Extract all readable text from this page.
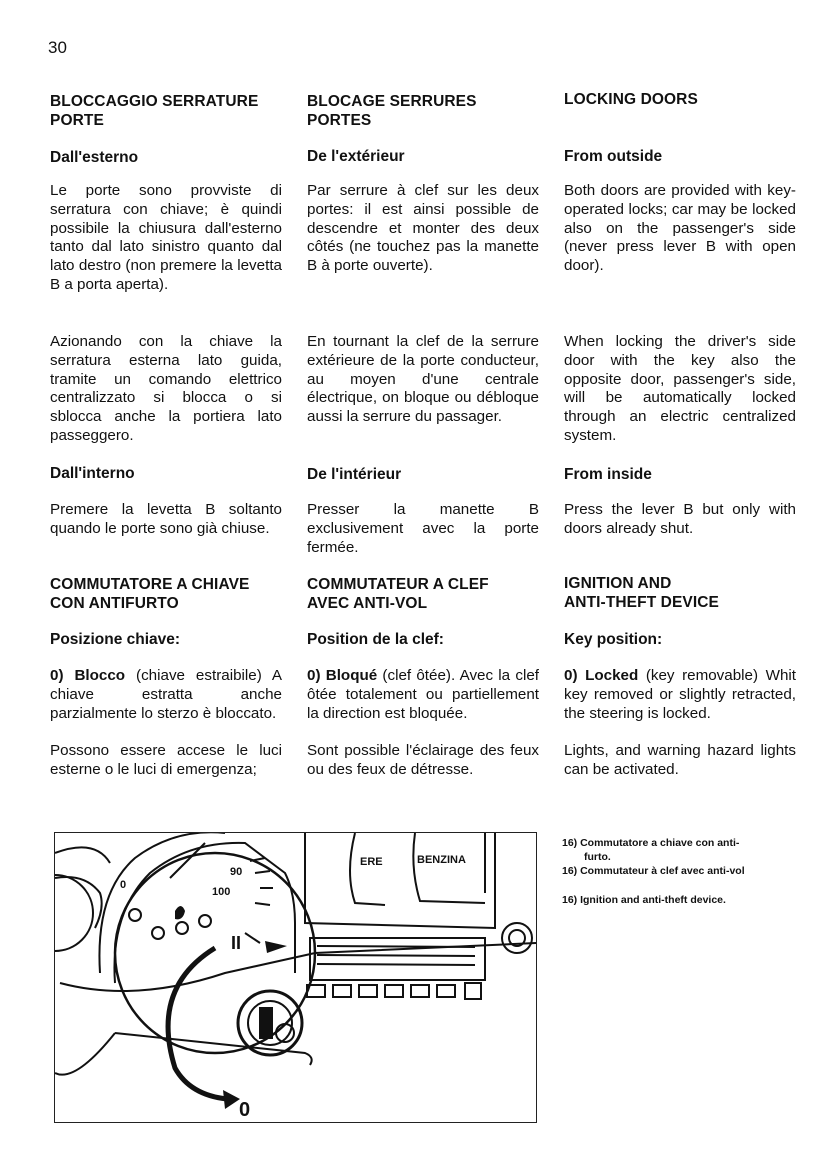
30
BLOCCAGGIO SERRATURE
PORTE
Dall'esterno
Le porte sono provviste di serratura con chiave; è quindi possibile la chiusura dall'esterno tanto dal lato sinistro quanto dal lato destro (non premere la levetta B a porta aperta).
Azionando con la chiave la serratura esterna lato guida, tramite un comando elettrico centralizzato si blocca o si sblocca anche la portiera lato passeggero.
Dall'interno
Premere la levetta B soltanto quando le porte sono già chiuse.
COMMUTATORE A CHIAVE
CON ANTIFURTO
Posizione chiave:
0) Blocco (chiave estraibile) A chiave estratta anche parzialmente lo sterzo è bloccato.
Possono essere accese le luci esterne o le luci di emergenza;
BLOCAGE SERRURES
PORTES
De l'extérieur
Par serrure à clef sur les deux portes: il est ainsi possible de descendre et monter des deux côtés (ne touchez pas la manette B à porte ouverte).
En tournant la clef de la serrure extérieure de la porte conducteur, au moyen d'une centrale électrique, on bloque ou débloque aussi la serrure du passager.
De l'intérieur
Presser la manette B exclusivement avec la porte fermée.
COMMUTATEUR A CLEF
AVEC ANTI-VOL
Position de la clef:
0) Bloqué (clef ôtée). Avec la clef ôtée totalement ou partiellement la direction est bloquée.
Sont possible l'éclairage des feux ou des feux de détresse.
LOCKING DOORS
From outside
Both doors are provided with key-operated locks; car may be locked also on the passenger's side (never press lever B with open door).
When locking the driver's side door with the key also the opposite door, passenger's side, will be automatically locked through an electric centralized system.
From inside
Press the lever B but only with doors already shut.
IGNITION AND
ANTI-THEFT DEVICE
Key position:
0) Locked (key removable) Whit key removed or slightly retracted, the steering is locked.
Lights, and warning hazard lights can be activated.
90
100
0
ERE	BENZINA
II
0
16) Commutatore a chiave con anti-
furto.
16) Commutateur à clef avec anti-vol
16) Ignition and anti-theft device.
